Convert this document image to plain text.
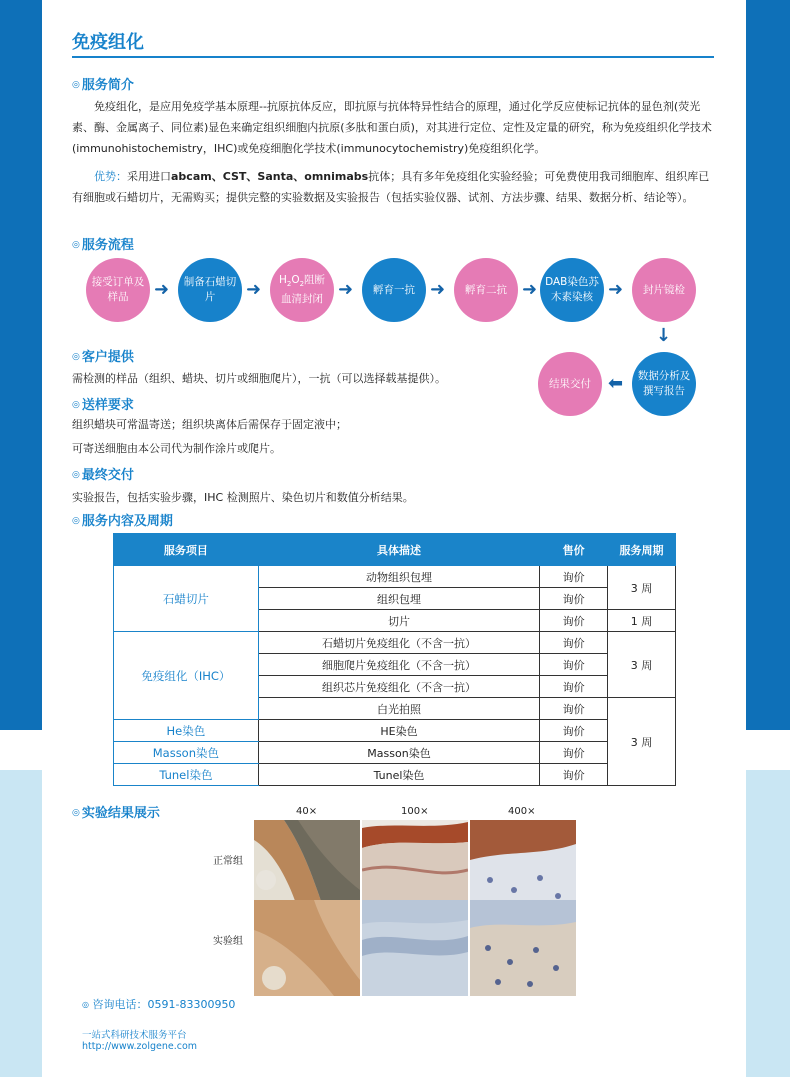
免疫组化
◎ 服务简介
免疫组化，是应用免疫学基本原理--抗原抗体反应，即抗原与抗体特异性结合的原理，通过化学反应使标记抗体的显色剂(荧光素、酶、金属离子、同位素)显色来确定组织细胞内抗原(多肽和蛋白质)，对其进行定位、定性及定量的研究，称为免疫组织化学技术(immunohistochemistry，IHC)或免疫细胞化学技术(immunocytochemistry)免疫组织化学。
优势：采用进口abcam、CST、Santa、omnimabs抗体；具有多年免疫组化实验经验；可免费使用我司细胞库、组织库已有细胞或石蜡切片，无需购买；提供完整的实验数据及实验报告（包括实验仪器、试剂、方法步骤、结果、数据分析、结论等）。
◎ 服务流程
接受订单及样品	➜	制备石蜡切片	➜ $H_2O_2$阻断
血清封闭 ➜	孵育一抗 ➜	孵育二抗 ➜ DAB染色苏木素染核 ➜	封片镜检
↓
数据分析及撰写报告
⬅
结果交付
◎ 客户提供
需检测的样品（组织、蜡块、切片或细胞爬片），一抗（可以选择载基提供）。
◎ 送样要求
组织蜡块可常温寄送；组织块离体后需保存于固定液中；
可寄送细胞由本公司代为制作涂片或爬片。
◎ 最终交付
实验报告，包括实验步骤，IHC 检测照片、染色切片和数值分析结果。
◎ 服务内容及周期
服务项目	具体描述	售价	服务周期
石蜡切片	动物组织包埋	询价	3 周
	组织包埋	询价	
	切片	询价	1 周
免疫组化（IHC）	石蜡切片免疫组化（不含一抗）	询价	3 周
	细胞爬片免疫组化（不含一抗）	询价	
	组织芯片免疫组化（不含一抗）	询价	
	白光拍照	询价	3 周
He染色	HE染色	询价	
Masson染色	Masson染色	询价	
Tunel染色	Tunel染色	询价	
◎ 实验结果展示	40×	100×	400×
正常组
实验组
◎ 咨询电话：0591-83300950
一站式科研技术服务平台
http://www.zolgene.com
